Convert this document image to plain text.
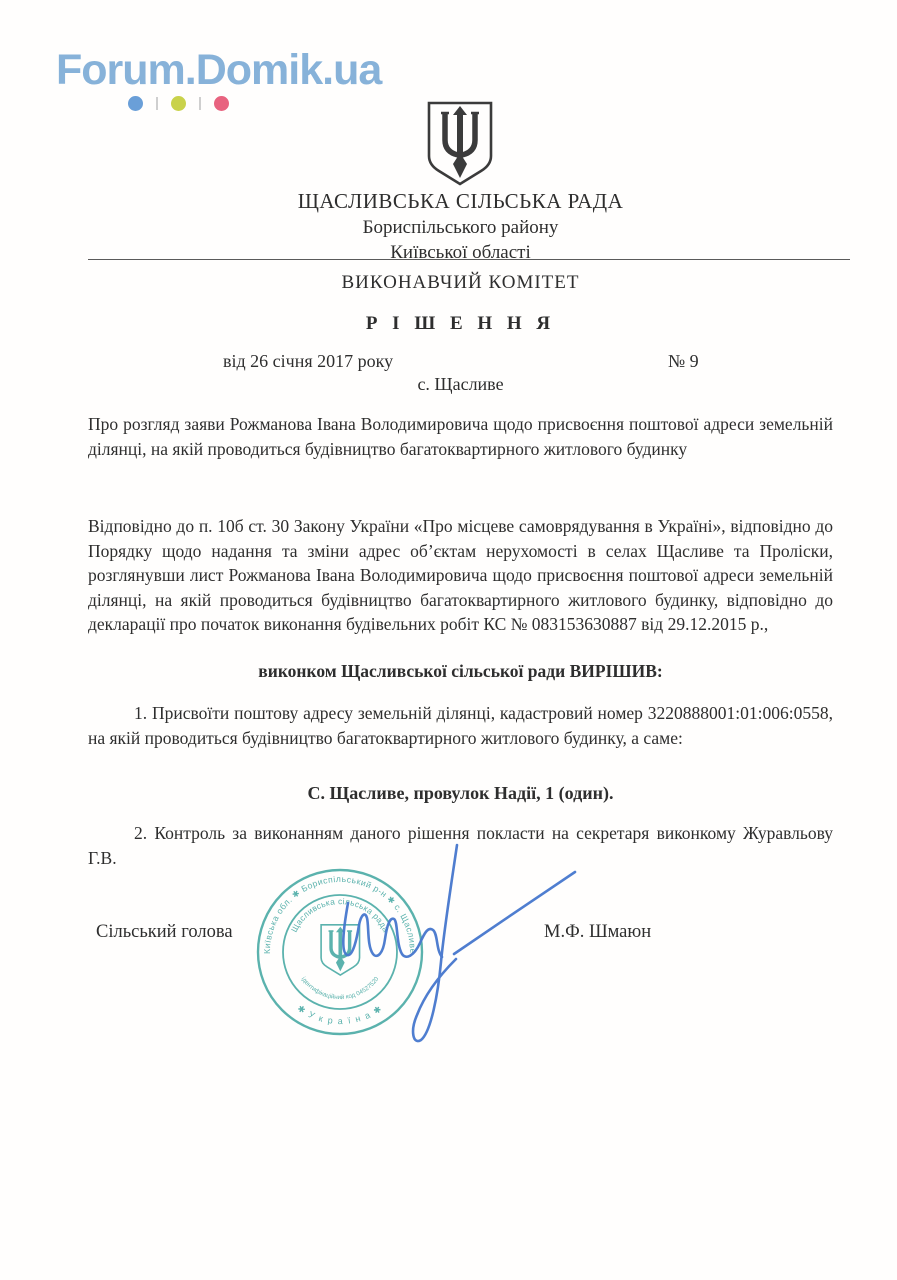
Forum.Domik.ua
ЩАСЛИВСЬКА СІЛЬСЬКА РАДА
Бориспільського району
Київської області
ВИКОНАВЧИЙ КОМІТЕТ
Р І Ш Е Н Н Я
від 26 січня 2017 року	№ 9
с. Щасливе

Про розгляд заяви Рожманова Івана Володимировича щодо присвоєння поштової адреси земельній ділянці, на якій проводиться будівництво багатоквартирного житлового будинку

Відповідно до п. 10б ст. 30 Закону України «Про місцеве самоврядування в Україні», відповідно до Порядку щодо надання та зміни адрес об’єктам нерухомості в селах Щасливе та Проліски, розглянувши лист Рожманова Івана Володимировича щодо присвоєння поштової адреси земельній ділянці, на якій проводиться будівництво багатоквартирного житлового будинку, відповідно до декларації про початок виконання будівельних робіт КС № 083153630887 від 29.12.2015 р.,

виконком Щасливської сільської ради ВИРІШИВ:

1. Присвоїти поштову адресу земельній ділянці, кадастровий номер 3220888001:01:006:0558, на якій проводиться будівництво багатоквартирного житлового будинку, а саме:

С. Щасливе, провулок Надії, 1 (один).

2. Контроль за виконанням даного рішення покласти на секретаря виконкому Журавльову Г.В.

Сільський голова	М.Ф. Шмаюн
Київська обл. ✱ Бориспільський р-н ✱ с. Щасливе
✱ У к р а ї н а ✱
Щасливська сільська рада
ідентифікаційний код 04527520
